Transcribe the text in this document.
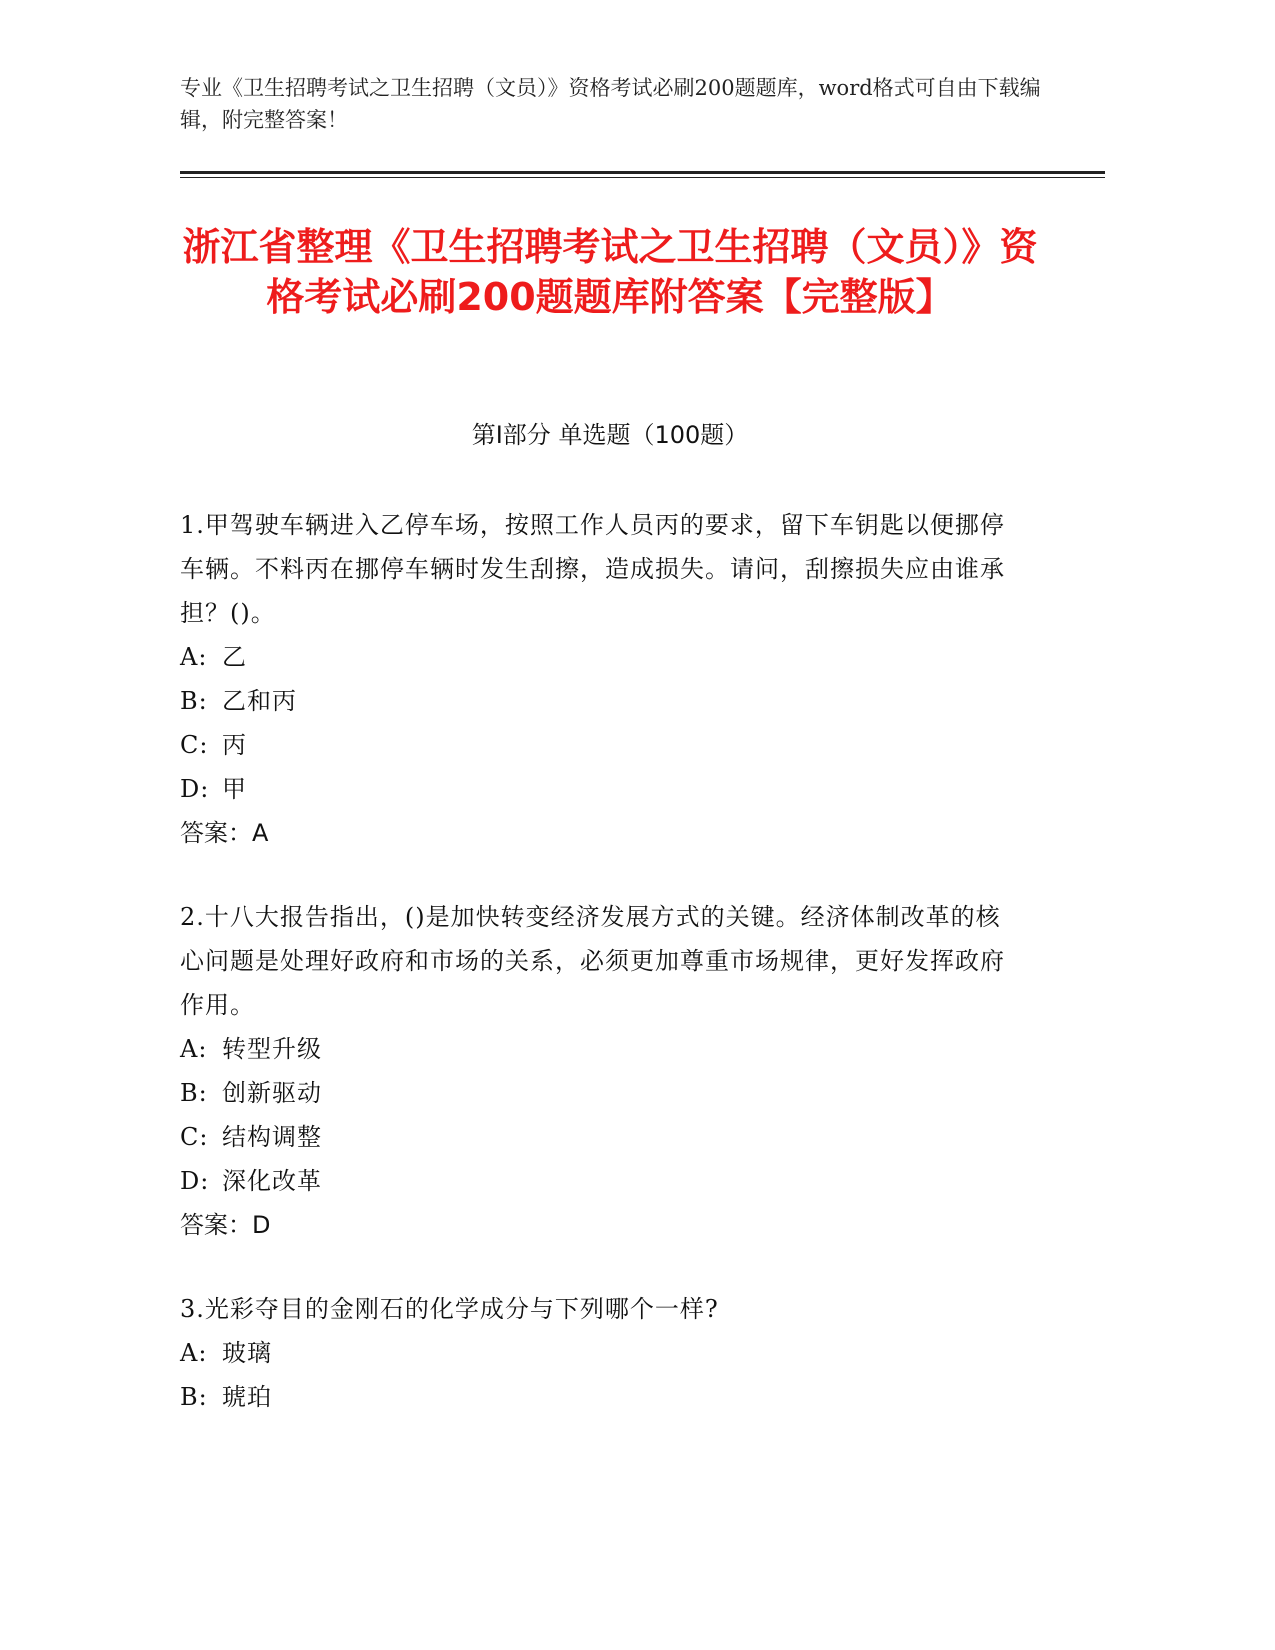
专业《卫生招聘考试之卫生招聘（文员）》资格考试必刷200题题库，word格式可自由下载编辑，附完整答案！
浙江省整理《卫生招聘考试之卫生招聘（文员）》资格考试必刷200题题库附答案【完整版】
第I部分 单选题（100题）

1.甲驾驶车辆进入乙停车场，按照工作人员丙的要求，留下车钥匙以便挪停车辆。不料丙在挪停车辆时发生刮擦，造成损失。请问，刮擦损失应由谁承担？()。

A: 乙

B: 乙和丙

C: 丙

D: 甲

答案：A

2.十八大报告指出，()是加快转变经济发展方式的关键。经济体制改革的核心问题是处理好政府和市场的关系，必须更加尊重市场规律，更好发挥政府作用。

A: 转型升级

B: 创新驱动

C: 结构调整

D: 深化改革

答案：D

3.光彩夺目的金刚石的化学成分与下列哪个一样?

A: 玻璃

B: 琥珀
